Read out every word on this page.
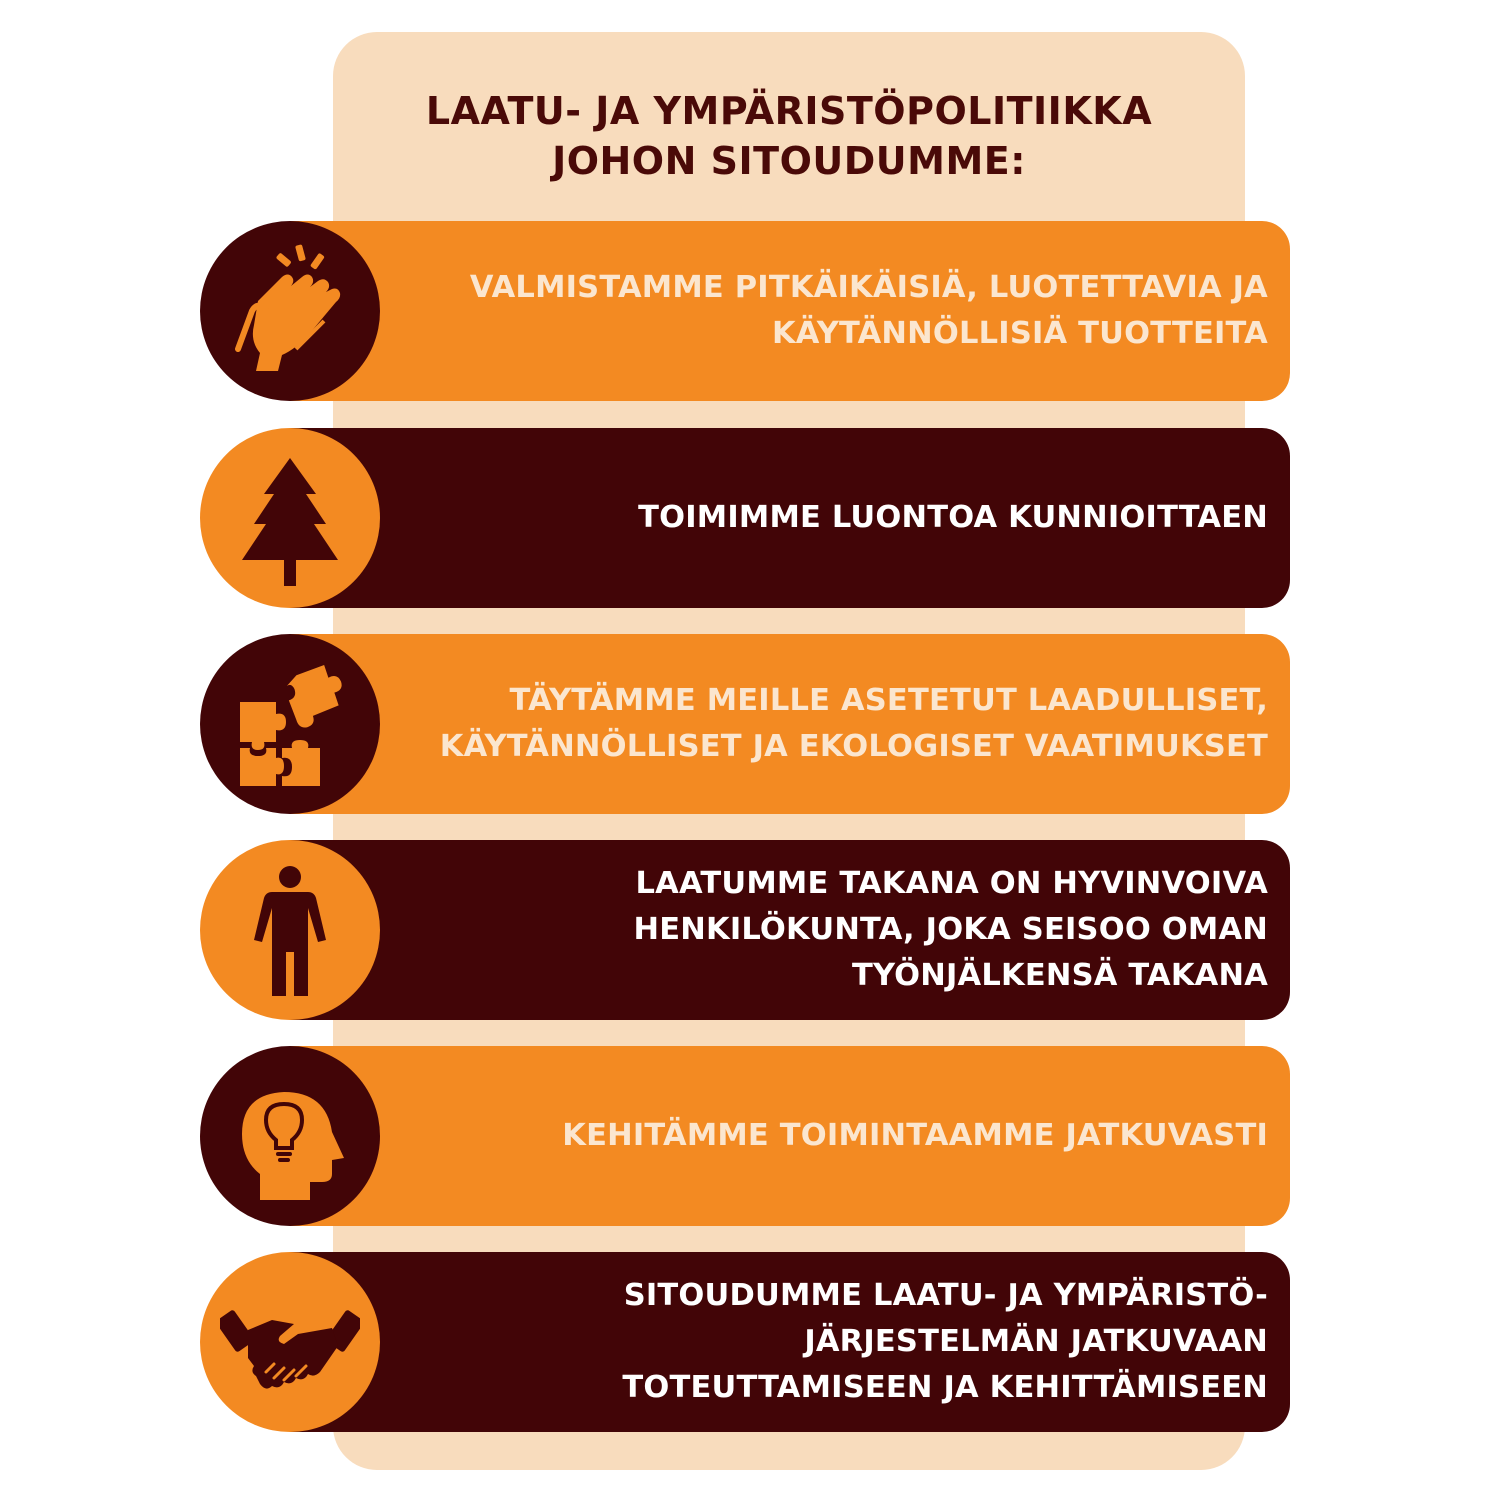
LAATU- JA YMPÄRISTÖPOLITIIKKA
JOHON SITOUDUMME:
VALMISTAMME PITKÄIKÄISIÄ, LUOTETTAVIA JA
KÄYTÄNNÖLLISIÄ TUOTTEITA
TOIMIMME LUONTOA KUNNIOITTAEN
TÄYTÄMME MEILLE ASETETUT LAADULLISET,
KÄYTÄNNÖLLISET JA EKOLOGISET VAATIMUKSET
LAATUMME TAKANA ON HYVINVOIVA
HENKILÖKUNTA, JOKA SEISOO OMAN
TYÖNJÄLKENSÄ TAKANA
KEHITÄMME TOIMINTAAMME JATKUVASTI
SITOUDUMME LAATU- JA YMPÄRISTÖ-
JÄRJESTELMÄN JATKUVAAN
TOTEUTTAMISEEN JA KEHITTÄMISEEN
